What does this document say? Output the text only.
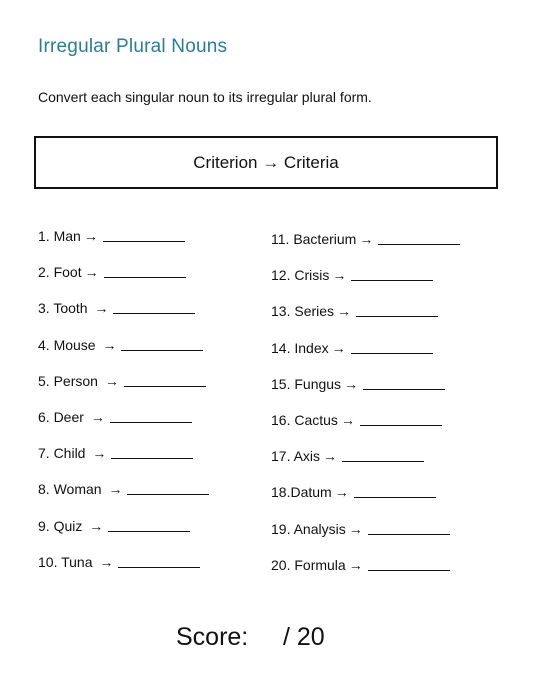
Irregular Plural Nouns
Convert each singular noun to its irregular plural form.
Criterion → Criteria
1. Man →
2. Foot →
3. Tooth →
4. Mouse →
5. Person →
6. Deer →
7. Child →
8. Woman →
9. Quiz →
10. Tuna →
11. Bacterium →
12. Crisis →
13. Series →
14. Index →
15. Fungus →
16. Cactus →
17. Axis →
18.Datum →
19. Analysis →
20. Formula →
Score: / 20
